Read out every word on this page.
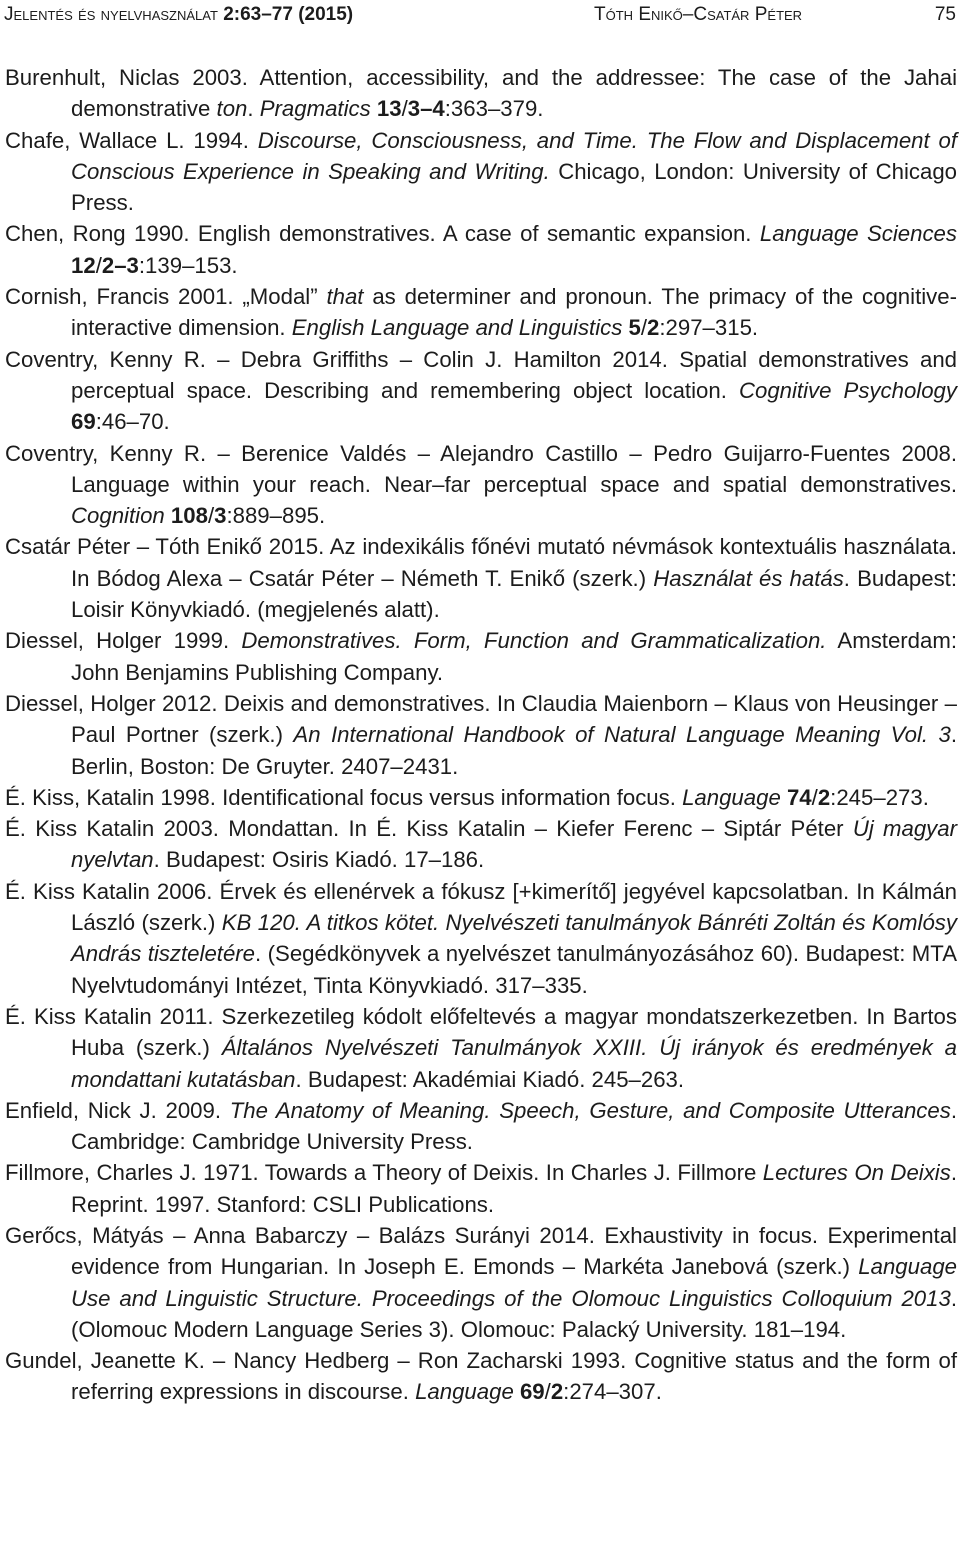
Jelentés és nyelvhasználat 2:63–77 (2015)	Tóth Enikő–Csatár Péter	75

Burenhult, Niclas 2003. Attention, accessibility, and the addressee: The case of the Jahai demonstrative ton. Pragmatics 13/3–4:363–379.

Chafe, Wallace L. 1994. Discourse, Consciousness, and Time. The Flow and Displacement of Conscious Experience in Speaking and Writing. Chicago, London: University of Chicago Press.

Chen, Rong 1990. English demonstratives. A case of semantic expansion. Language Sciences 12/2–3:139–153.

Cornish, Francis 2001. „Modal” that as determiner and pronoun. The primacy of the cognitive-interactive dimension. English Language and Linguistics 5/2:297–315.

Coventry, Kenny R. – Debra Griffiths – Colin J. Hamilton 2014. Spatial demonstratives and perceptual space. Describing and remembering object location. Cognitive Psychology 69:46–70.

Coventry, Kenny R. – Berenice Valdés – Alejandro Castillo – Pedro Guijarro-Fuentes 2008. Language within your reach. Near–far perceptual space and spatial demonstratives. Cognition 108/3:889–895.

Csatár Péter – Tóth Enikő 2015. Az indexikális főnévi mutató névmások kontextuális használata. In Bódog Alexa – Csatár Péter – Németh T. Enikő (szerk.) Használat és hatás. Budapest: Loisir Könyvkiadó. (megjelenés alatt).

Diessel, Holger 1999. Demonstratives. Form, Function and Grammaticalization. Amsterdam: John Benjamins Publishing Company.

Diessel, Holger 2012. Deixis and demonstratives. In Claudia Maienborn – Klaus von Heusinger – Paul Portner (szerk.) An International Handbook of Natural Language Meaning Vol. 3. Berlin, Boston: De Gruyter. 2407–2431.

É. Kiss, Katalin 1998. Identificational focus versus information focus. Language 74/2:245–273.

É. Kiss Katalin 2003. Mondattan. In É. Kiss Katalin – Kiefer Ferenc – Siptár Péter Új magyar nyelvtan. Budapest: Osiris Kiadó. 17–186.

É. Kiss Katalin 2006. Érvek és ellenérvek a fókusz [+kimerítő] jegyével kapcsolatban. In Kálmán László (szerk.) KB 120. A titkos kötet. Nyelvészeti tanulmányok Bánréti Zoltán és Komlósy András tiszteletére. (Segédkönyvek a nyelvészet tanulmányozásához 60). Budapest: MTA Nyelvtudományi Intézet, Tinta Könyvkiadó. 317–335.

É. Kiss Katalin 2011. Szerkezetileg kódolt előfeltevés a magyar mondatszerkezetben. In Bartos Huba (szerk.) Általános Nyelvészeti Tanulmányok XXIII. Új irányok és eredmények a mondattani kutatásban. Budapest: Akadémiai Kiadó. 245–263.

Enfield, Nick J. 2009. The Anatomy of Meaning. Speech, Gesture, and Composite Utterances. Cambridge: Cambridge University Press.

Fillmore, Charles J. 1971. Towards a Theory of Deixis. In Charles J. Fillmore Lectures On Deixis. Reprint. 1997. Stanford: CSLI Publications.

Gerőcs, Mátyás – Anna Babarczy – Balázs Surányi 2014. Exhaustivity in focus. Experimental evidence from Hungarian. In Joseph E. Emonds – Markéta Janebová (szerk.) Language Use and Linguistic Structure. Proceedings of the Olomouc Linguistics Colloquium 2013. (Olomouc Modern Language Series 3). Olomouc: Palacký University. 181–194.

Gundel, Jeanette K. – Nancy Hedberg – Ron Zacharski 1993. Cognitive status and the form of referring expressions in discourse. Language 69/2:274–307.
